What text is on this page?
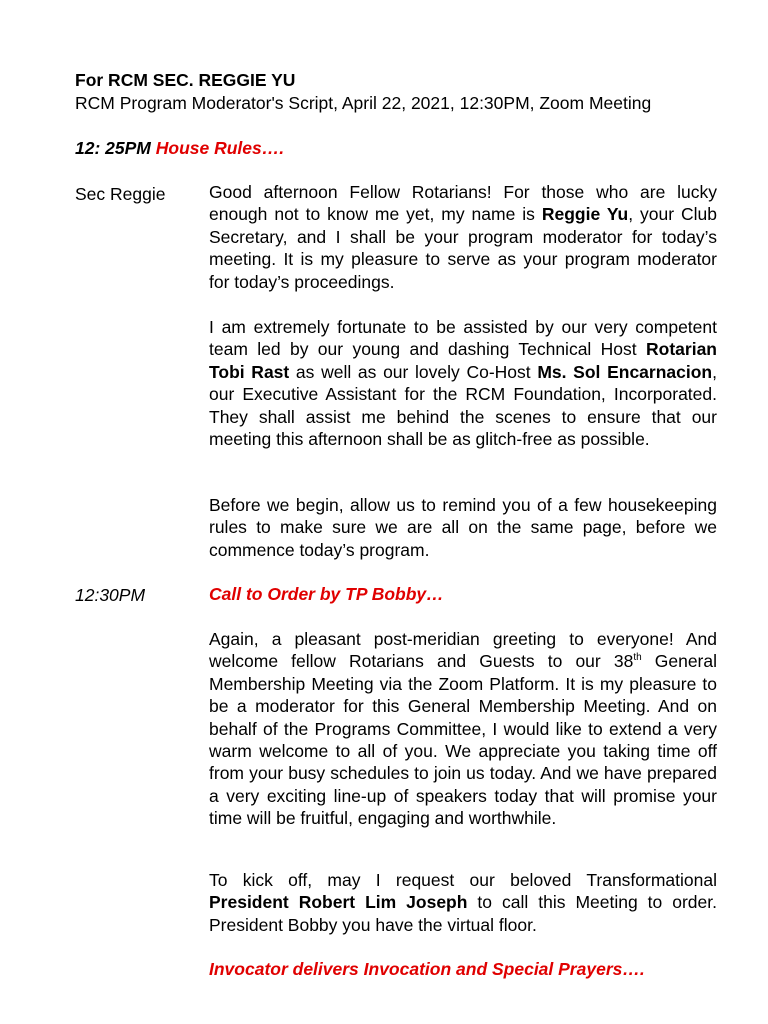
For RCM SEC. REGGIE YU
RCM Program Moderator's Script, April 22, 2021, 12:30PM, Zoom Meeting
12: 25PM House Rules….
Sec Reggie Good afternoon Fellow Rotarians! For those who are lucky enough not to know me yet, my name is Reggie Yu, your Club Secretary, and I shall be your program moderator for today’s meeting. It is my pleasure to serve as your program moderator for today’s proceedings.

I am extremely fortunate to be assisted by our very competent team led by our young and dashing Technical Host Rotarian Tobi Rast as well as our lovely Co-Host Ms. Sol Encarnacion, our Executive Assistant for the RCM Foundation, Incorporated. They shall assist me behind the scenes to ensure that our meeting this afternoon shall be as glitch-free as possible.

Before we begin, allow us to remind you of a few housekeeping rules to make sure we are all on the same page, before we commence today’s program.

12:30PM	Call to Order by TP Bobby…

Again, a pleasant post-meridian greeting to everyone! And welcome fellow Rotarians and Guests to our 38th General Membership Meeting via the Zoom Platform. It is my pleasure to be a moderator for this General Membership Meeting. And on behalf of the Programs Committee, I would like to extend a very warm welcome to all of you. We appreciate you taking time off from your busy schedules to join us today. And we have prepared a very exciting line-up of speakers today that will promise your time will be fruitful, engaging and worthwhile.

To kick off, may I request our beloved Transformational President Robert Lim Joseph to call this Meeting to order. President Bobby you have the virtual floor.

Invocator delivers Invocation and Special Prayers….
